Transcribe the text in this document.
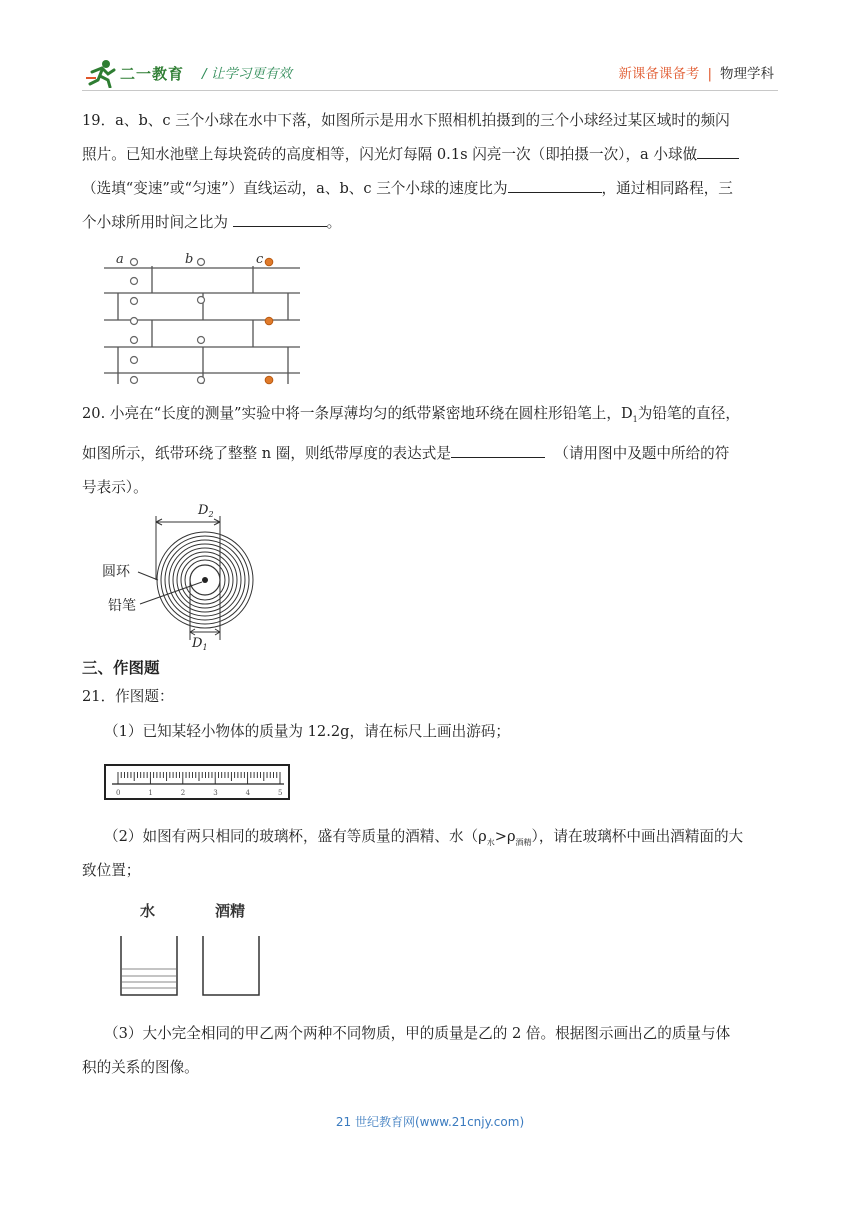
二一教育 / 让学习更有效	新课备课备考 | 物理学科
19．a、b、c 三个小球在水中下落，如图所示是用水下照相机拍摄到的三个小球经过某区域时的频闪
照片。已知水池壁上每块瓷砖的高度相等，闪光灯每隔 0.1s 闪亮一次（即拍摄一次），a 小球做
（选填“变速”或“匀速”）直线运动，a、b、c 三个小球的速度比为	，通过相同路程，三
个小球所用时间之比为	。
a	b	c
20. 小亮在“长度的测量”实验中将一条厚薄均匀的纸带紧密地环绕在圆柱形铅笔上，$D_1$为铅笔的直径，
如图所示，纸带环绕了整整 n 圈，则纸带厚度的表达式是	（请用图中及题中所给的符
号表示）。
$D_2$
$D_1$
圆环
铅笔
三、作图题
21．作图题：
（1）已知某轻小物体的质量为 12.2g，请在标尺上画出游码；
0	1	2	3	4	5
（2）如图有两只相同的玻璃杯，盛有等质量的酒精、水$(\rho_水>\rho_{酒精})$，请在玻璃杯中画出酒精面的大
致位置；
水	酒精
（3）大小完全相同的甲乙两个两种不同物质，甲的质量是乙的 2 倍。根据图示画出乙的质量与体
积的关系的图像。
21 世纪教育网(www.21cnjy.com)
